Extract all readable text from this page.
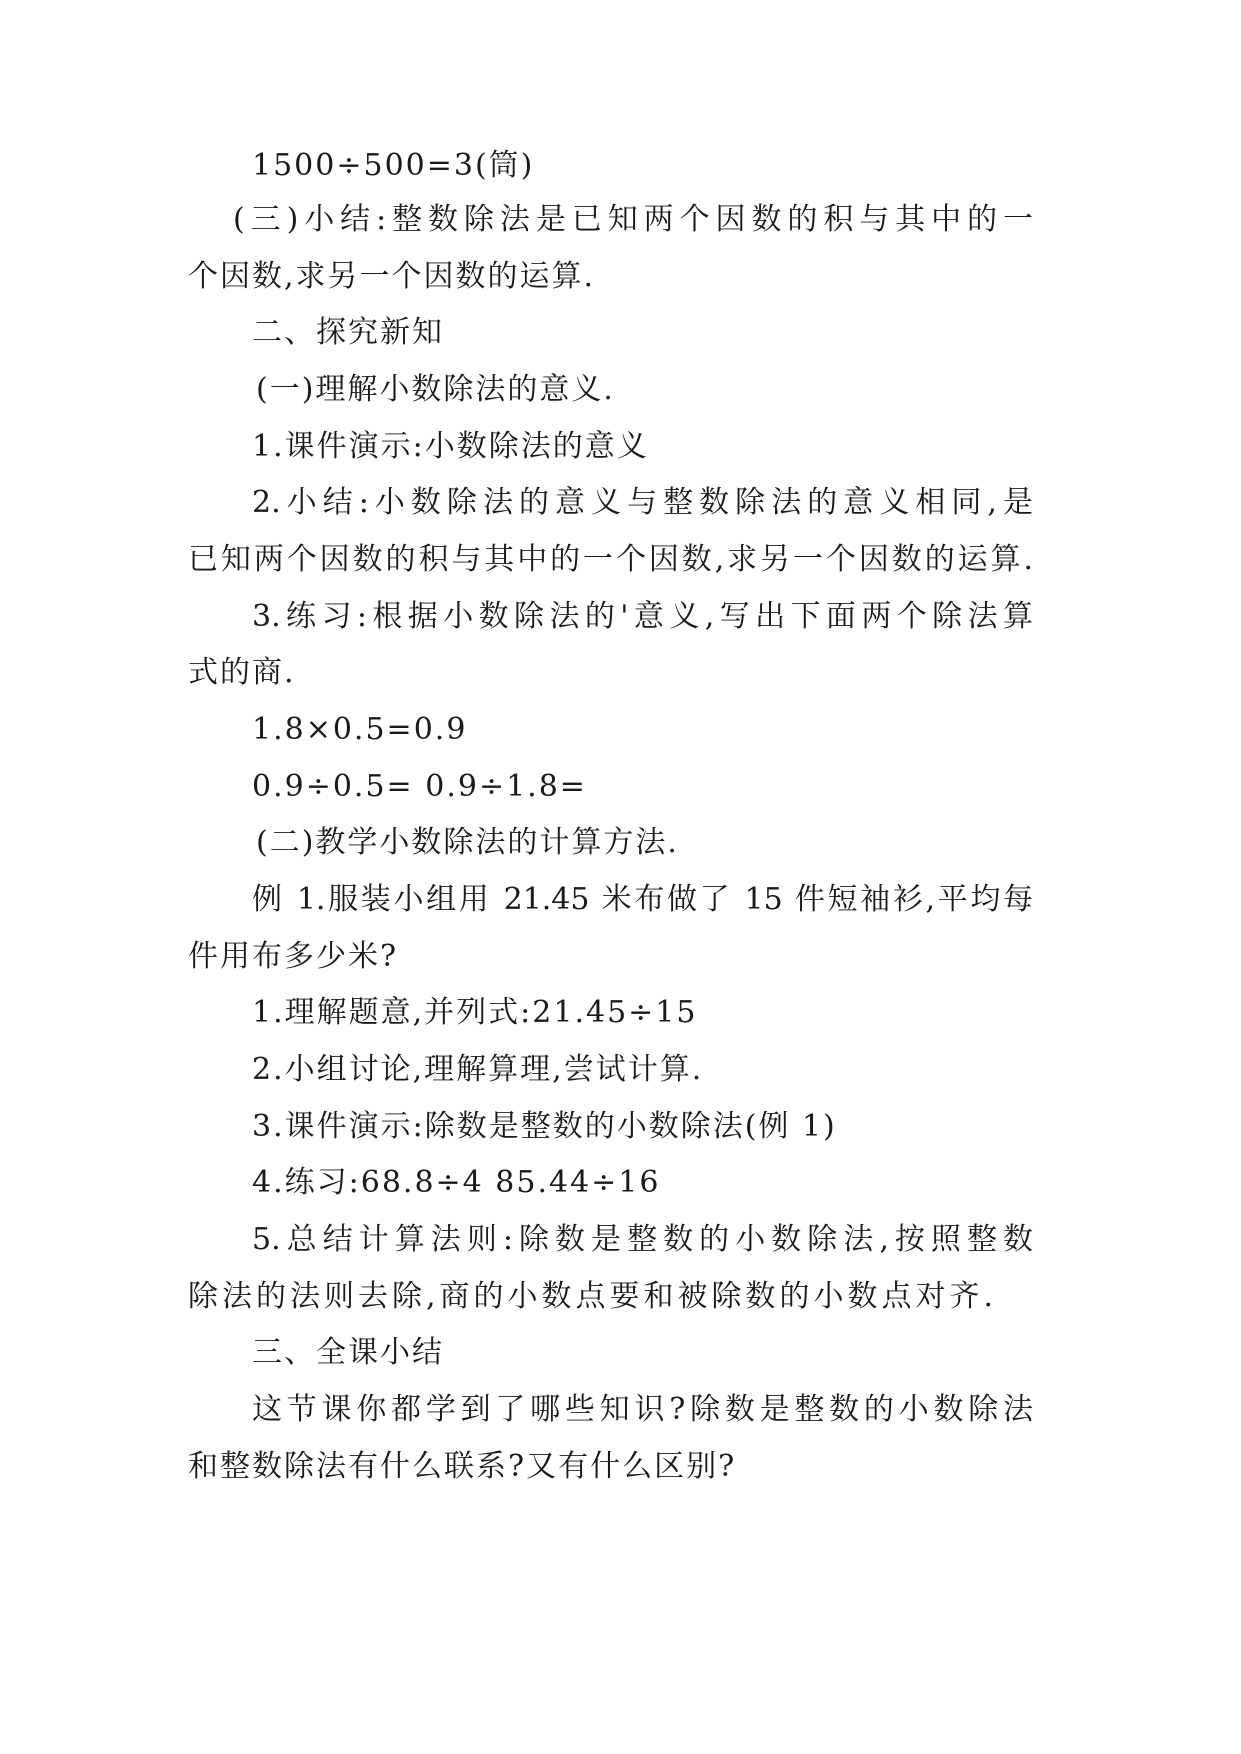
1500÷500=3(筒)
(三)小结:整数除法是已知两个因数的积与其中的一
个因数,求另一个因数的运算.
二、探究新知
(一)理解小数除法的意义.
1.课件演示:小数除法的意义
2.小结:小数除法的意义与整数除法的意义相同,是
已知两个因数的积与其中的一个因数,求另一个因数的运算.
3.练习:根据小数除法的'意义,写出下面两个除法算
式的商.
1.8×0.5=0.9
0.9÷0.5= 0.9÷1.8=
(二)教学小数除法的计算方法.
例 1.服装小组用 21.45 米布做了 15 件短袖衫,平均每
件用布多少米?
1.理解题意,并列式:21.45÷15
2.小组讨论,理解算理,尝试计算.
3.课件演示:除数是整数的小数除法(例 1)
4.练习:68.8÷4 85.44÷16
5.总结计算法则:除数是整数的小数除法,按照整数
除法的法则去除,商的小数点要和被除数的小数点对齐.
三、全课小结
这节课你都学到了哪些知识?除数是整数的小数除法
和整数除法有什么联系?又有什么区别?
